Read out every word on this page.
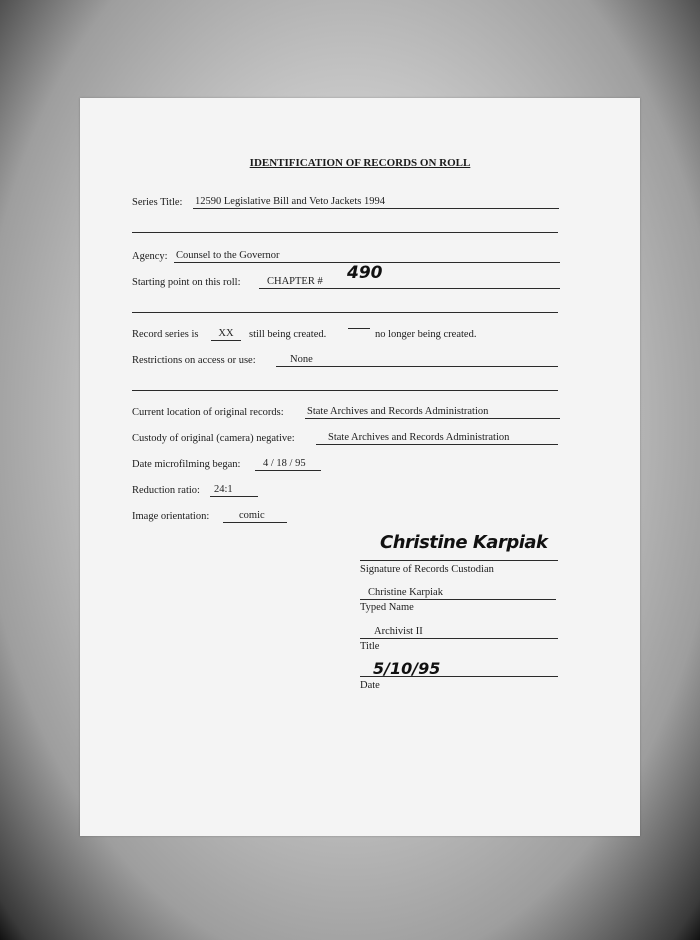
IDENTIFICATION OF RECORDS ON ROLL
Series Title: 12590 Legislative Bill and Veto Jackets 1994
Agency: Counsel to the Governor
Starting point on this roll:	CHAPTER # 490
Record series is	XX	still being created.	no longer being created.
Restrictions on access or use:	None
Current location of original records: State Archives and Records Administration
Custody of original (camera) negative:	State Archives and Records Administration
Date microfilming began:	4 / 18 / 95
Reduction ratio:	24:1
Image orientation:	comic
Christine Karpiak
Signature of Records Custodian
Christine Karpiak
Typed Name
Archivist II
Title
5/10/95
Date
